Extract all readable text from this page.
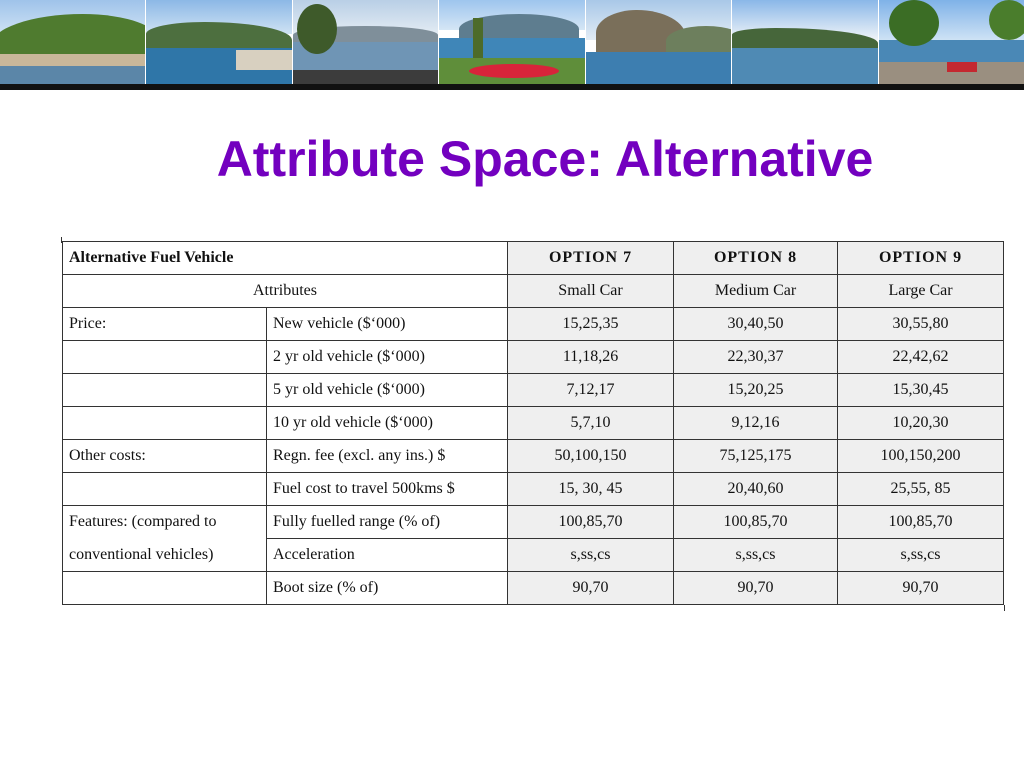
Attribute Space: Alternative
Alternative Fuel Vehicle		OPTION 7	OPTION 8	OPTION 9
Attributes		Small Car	Medium Car	Large Car
Price:	New vehicle ($‘000)	15,25,35	30,40,50	30,55,80
	2 yr old vehicle ($‘000)	11,18,26	22,30,37	22,42,62
	5 yr old vehicle ($‘000)	7,12,17	15,20,25	15,30,45
	10 yr old vehicle ($‘000)	5,7,10	9,12,16	10,20,30
Other costs:	Regn. fee (excl. any ins.) $	50,100,150	75,125,175	100,150,200
	Fuel cost to travel 500kms $	15, 30, 45	20,40,60	25,55, 85
Features: (compared to	Fully fuelled range (% of)	100,85,70	100,85,70	100,85,70
conventional vehicles)	Acceleration	s,ss,cs	s,ss,cs	s,ss,cs
	Boot size (% of)	90,70	90,70	90,70
